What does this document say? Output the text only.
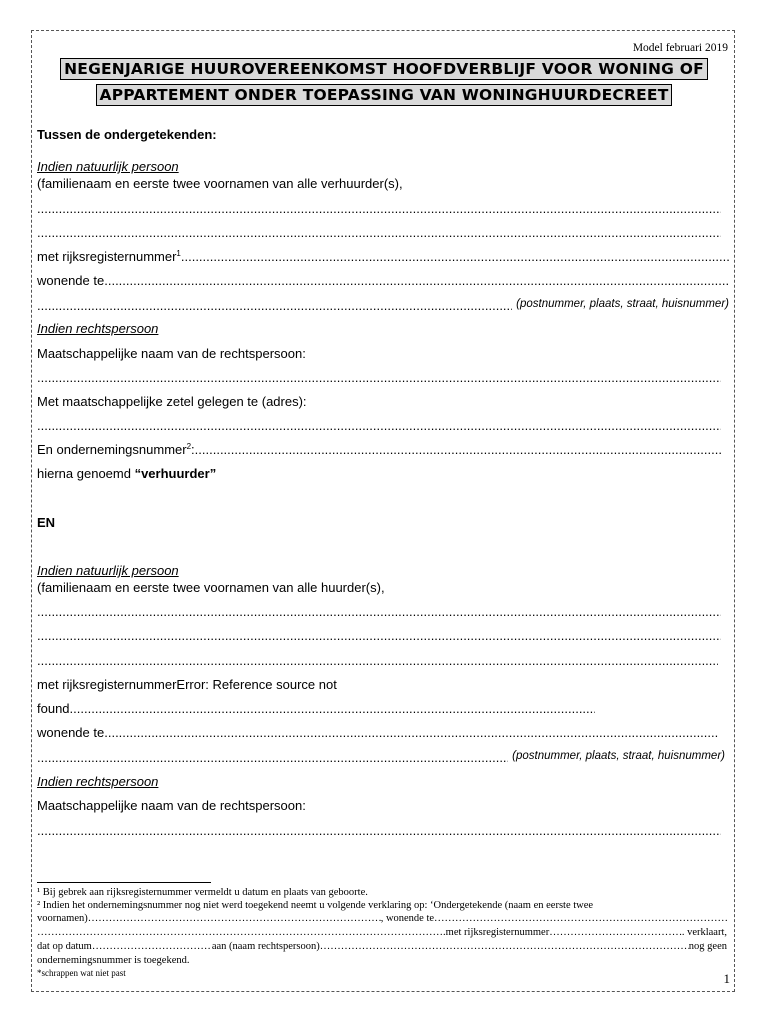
Model februari 2019
NEGENJARIGE HUUROVEREENKOMST HOOFDVERBLIJF VOOR WONING OF
APPARTEMENT ONDER TOEPASSING VAN WONINGHUURDECREET
Tussen de ondergetekenden:
Indien natuurlijk persoon
(familienaam en eerste twee voornamen van alle verhuurder(s),
.....
.....
met rijksregisternummer 1
.....
wonende te
.....
.....
(postnummer, plaats, straat, huisnummer)
Indien rechtspersoon
Maatschappelijke naam van de rechtspersoon:
.....
Met maatschappelijke zetel gelegen te (adres):
.....
En ondernemingsnummer 2 :
.....
hierna genoemd “verhuurder”
EN
Indien natuurlijk persoon
(familienaam en eerste twee voornamen van alle huurder(s),
.....
.....
.....
met rijksregisternummerError: Reference source not
found
.....
wonende te
.....
.....
(postnummer, plaats, straat, huisnummer)
Indien rechtspersoon
Maatschappelijke naam van de rechtspersoon:
.....
¹ Bij gebrek aan rijksregisternummer vermeldt u datum en plaats van geboorte.
² Indien het ondernemingsnummer nog niet werd toegekend neemt u volgende verklaring op: ‘Ondergetekende (naam en eerste twee
voornamen) ……………………………………………………………………………………………………………………………………………	, wonende te
……………………………………………………………………………………………………………………………………………
……………………………………………………………………………………………………………………………………………
.met rijksregisternummer ……………………………………………………………………………………………………………………………………………	.. verklaart,
dat op datum ……………………………………………………………………………………………………………………………………………	aan (naam rechtspersoon) ……………………………………………………………………………………………………………………………………………	nog geen
ondernemingsnummer is toegekend.
*schrappen wat niet past	1
